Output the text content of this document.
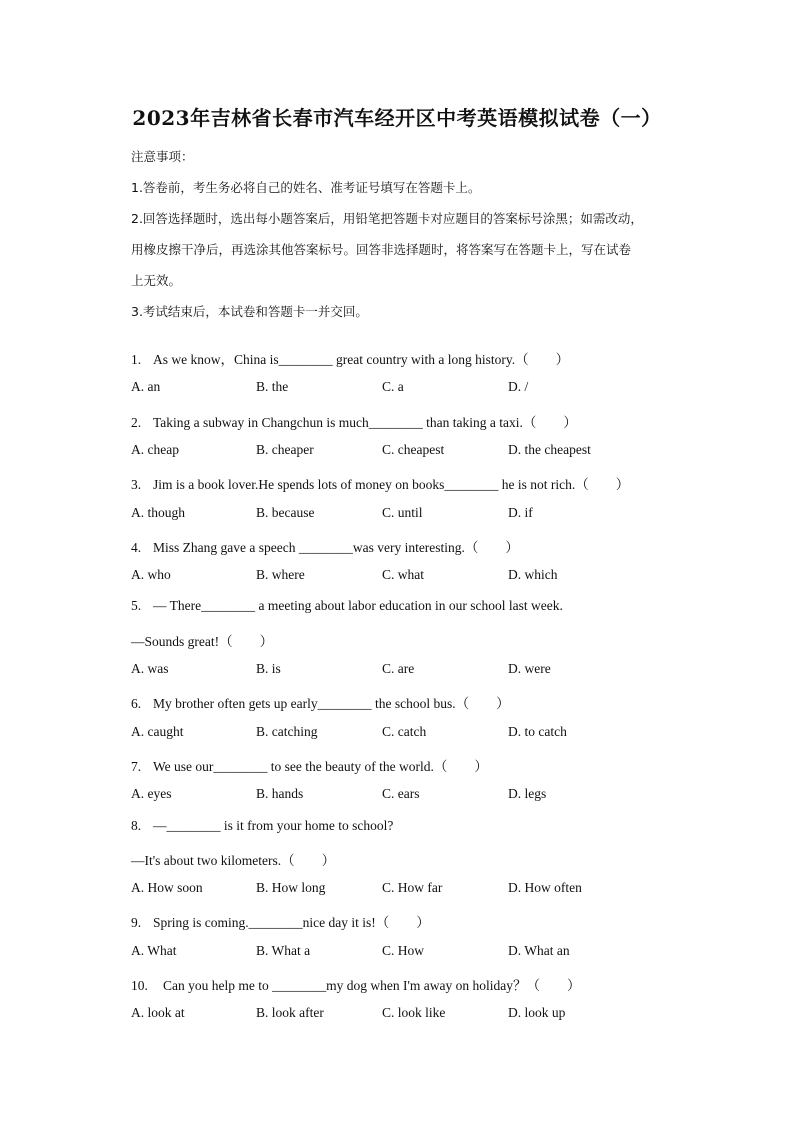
2023年吉林省长春市汽车经开区中考英语模拟试卷（一）
注意事项：
1.答卷前，考生务必将自己的姓名、准考证号填写在答题卡上。
2.回答选择题时，选出每小题答案后，用铅笔把答题卡对应题目的答案标号涂黑；如需改动，
用橡皮擦干净后，再选涂其他答案标号。回答非选择题时，将答案写在答题卡上，写在试卷
上无效。
3.考试结束后，本试卷和答题卡一并交回。
1. As we know，China is________ great country with a long history.（　　）
A. an	B. the	C. a	D. /
2. Taking a subway in Changchun is much________ than taking a taxi.（　　）
A. cheap	B. cheaper	C. cheapest	D. the cheapest
3. Jim is a book lover.He spends lots of money on books________ he is not rich.（　　）
A. though	B. because	C. until	D. if
4. Miss Zhang gave a speech ________was very interesting.（　　）
A. who	B. where	C. what	D. which
5. — There________ a meeting about labor education in our school last week.
—Sounds great!（　　）
A. was	B. is	C. are	D. were
6. My brother often gets up early________ the school bus.（　　）
A. caught	B. catching	C. catch	D. to catch
7. We use our________ to see the beauty of the world.（　　）
A. eyes	B. hands	C. ears	D. legs
8. —________ is it from your home to school?
—It's about two kilometers.（　　）
A. How soon	B. How long	C. How far	D. How often
9. Spring is coming.________nice day it is!（　　）
A. What	B. What a	C. How	D. What an
10. Can you help me to ________my dog when I'm away on holiday？（　　）
A. look at	B. look after	C. look like	D. look up
